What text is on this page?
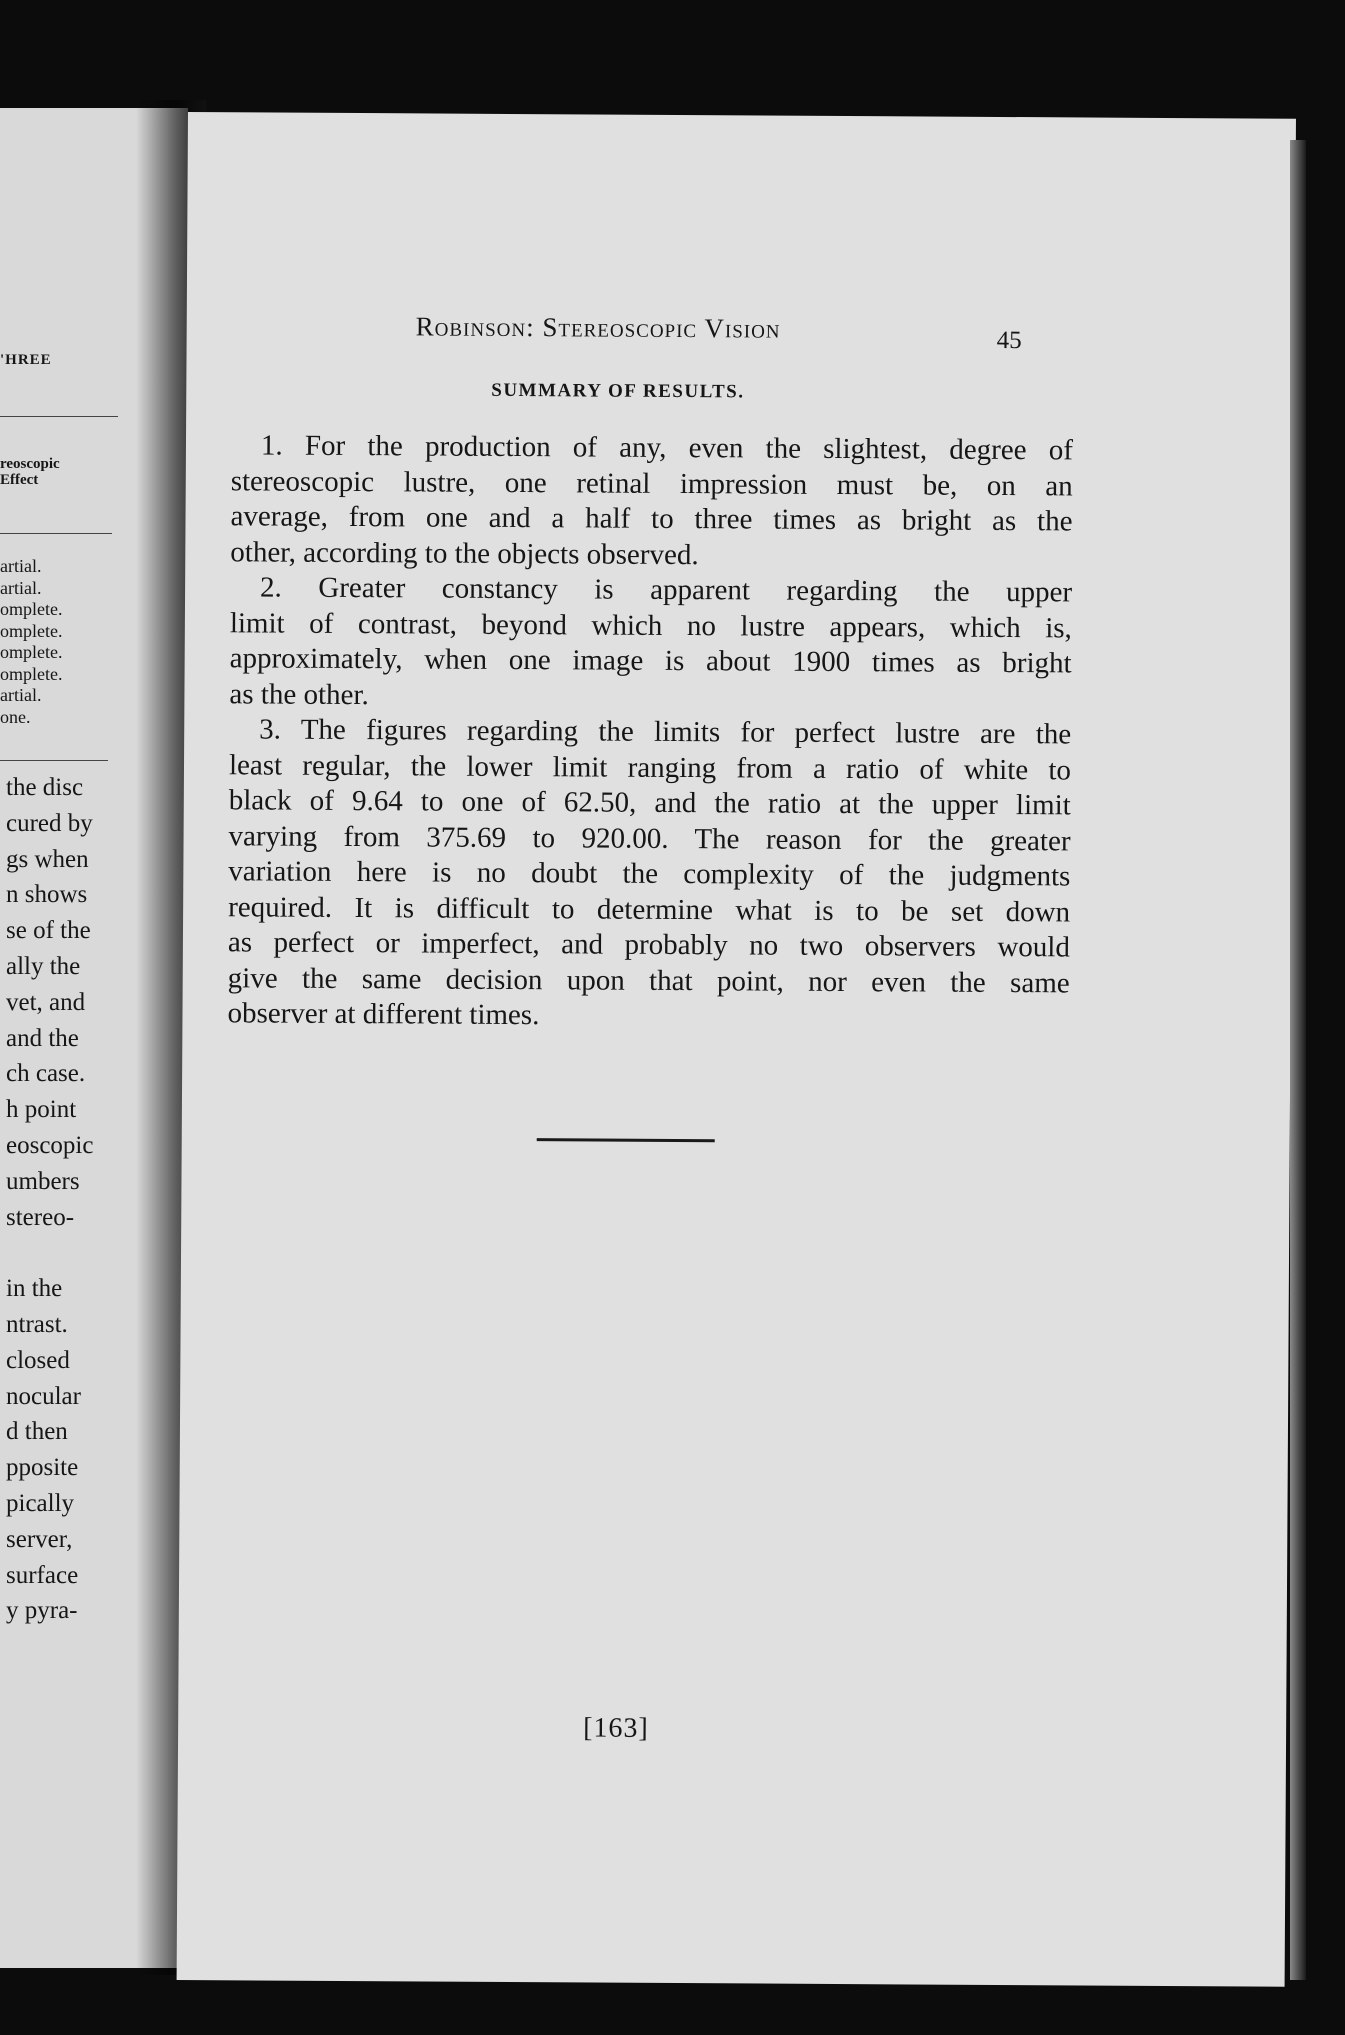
'HREE
reoscopic
Effect
artial.
artial.
omplete.
omplete.
omplete.
omplete.
artial.
one.
the disc
cured by
gs when
n shows
se of the
ally the
vet, and
and the
ch case.
h point
eoscopic
umbers
stereo-
in the
ntrast.
closed
nocular
d then
pposite
pically
server,
surface
y pyra-
Robinson: Stereoscopic Vision	45
SUMMARY OF RESULTS.
1. For the production of any, even the slightest, degree of
stereoscopic lustre, one retinal impression must be, on an
average, from one and a half to three times as bright as the
other, according to the objects observed.
2. Greater constancy is apparent regarding the upper
limit of contrast, beyond which no lustre appears, which is,
approximately, when one image is about 1900 times as bright
as the other.
3. The figures regarding the limits for perfect lustre are the
least regular, the lower limit ranging from a ratio of white to
black of 9.64 to one of 62.50, and the ratio at the upper limit
varying from 375.69 to 920.00. The reason for the greater
variation here is no doubt the complexity of the judgments
required. It is difficult to determine what is to be set down
as perfect or imperfect, and probably no two observers would
give the same decision upon that point, nor even the same
observer at different times.
[163]
